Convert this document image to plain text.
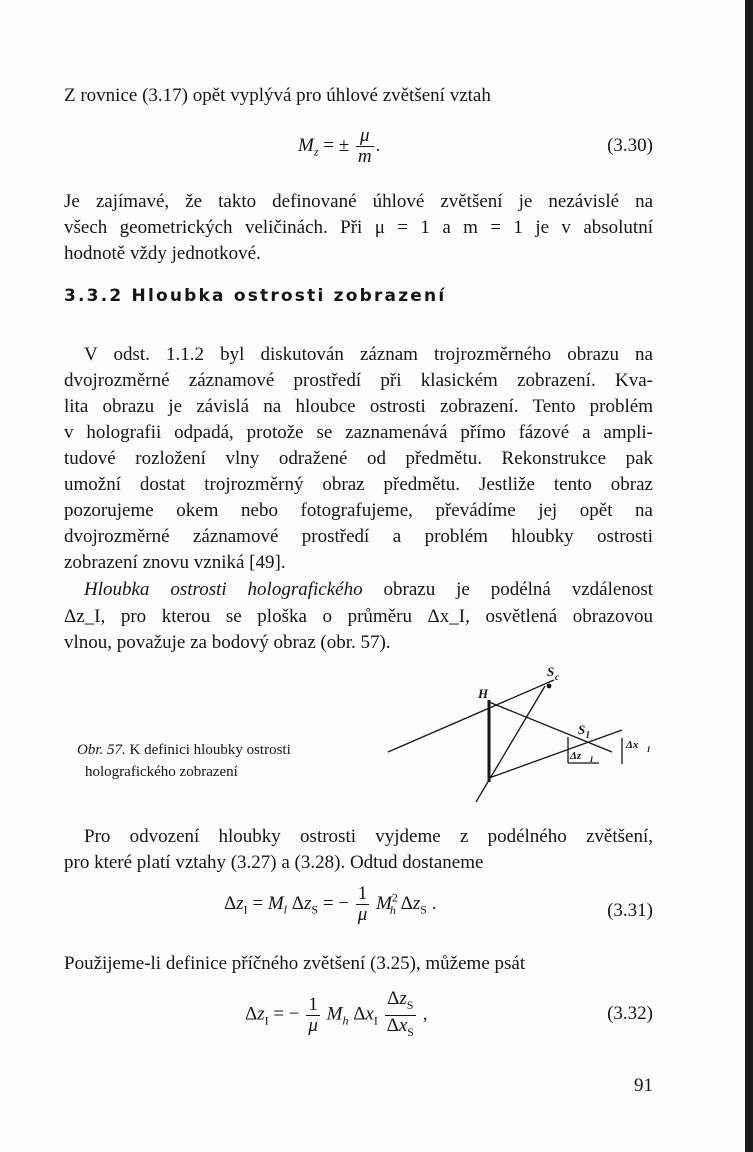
Z rovnice (3.17) opět vyplývá pro úhlové zvětšení vztah
$M_z$ = ± $\frac{\mu}{m}$ .	(3.30)
Je zajímavé, že takto definované úhlové zvětšení je nezávislé na
všech geometrických veličinách. Při μ = 1 a m = 1 je v absolutní
hodnotě vždy jednotkové.
3.3.2 Hloubka ostrosti zobrazení
V odst. 1.1.2 byl diskutován záznam trojrozměrného obrazu na
dvojrozměrné záznamové prostředí při klasickém zobrazení. Kva-
lita obrazu je závislá na hloubce ostrosti zobrazení. Tento problém
v holografii odpadá, protože se zaznamenává přímo fázové a ampli-
tudové rozložení vlny odražené od předmětu. Rekonstrukce pak
umožní dostat trojrozměrný obraz předmětu. Jestliže tento obraz
pozorujeme okem nebo fotografujeme, převádíme jej opět na
dvojrozměrné záznamové prostředí a problém hloubky ostrosti
zobrazení znovu vzniká [49].
Hloubka ostrosti holografického obrazu je podélná vzdálenost
Δz_I, pro kterou se ploška o průměru Δx_I, osvětlená obrazovou
vlnou, považuje za bodový obraz (obr. 57).
Obr. 57. K definici hloubky ostrosti
holografického zobrazení
H
S c
S I
Δx I
Δz I
Pro odvození hloubky ostrosti vyjdeme z podélného zvětšení,
pro které platí vztahy (3.27) a (3.28). Odtud dostaneme
$\Delta z_I = M_l$ $\Delta z_S$ = − $\frac{1}{\mu} M^2_h$ $\Delta z_S$ .	(3.31)
Použijeme-li definice příčného zvětšení (3.25), můžeme psát
$\Delta z_I$ = − $\frac{1}{\mu} M_h$ $\Delta x_I \frac{\Delta z_S}{\Delta x_S}$ ,	(3.32)
91
